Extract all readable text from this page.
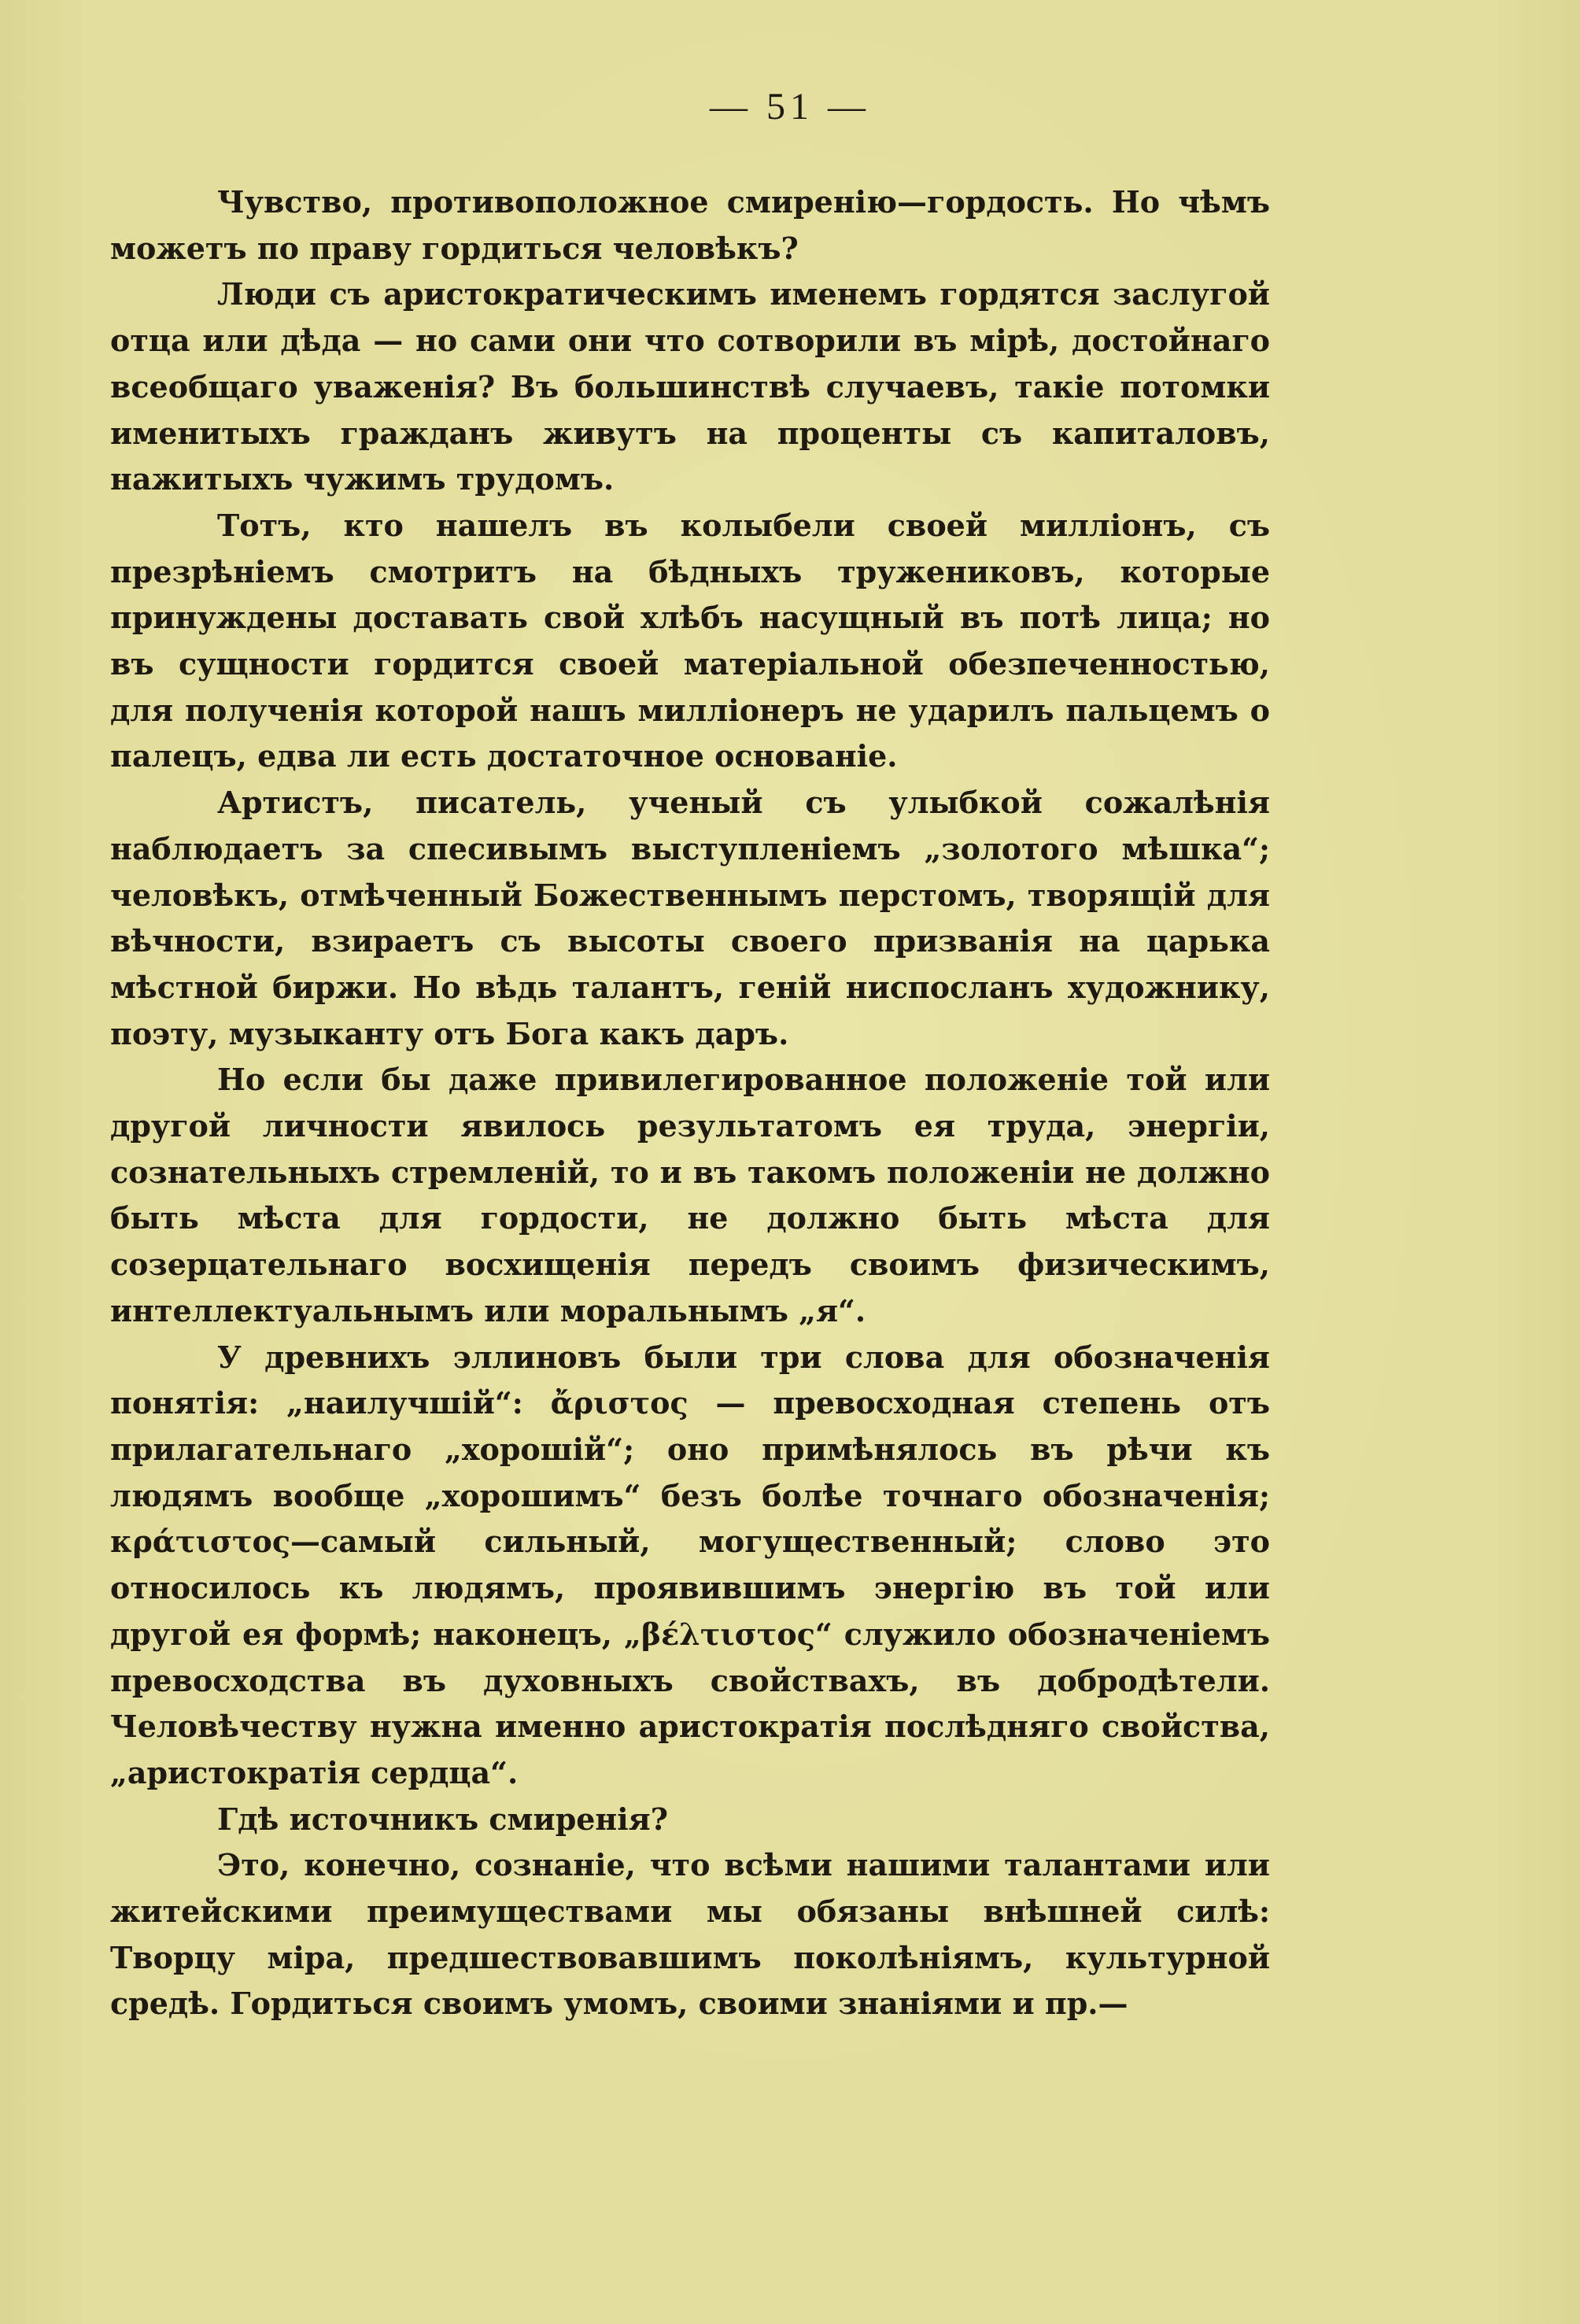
— 51 —

Чувство, противоположное смиренію—гордость. Но чѣмъ можетъ по праву гордиться человѣкъ?

Люди съ аристократическимъ именемъ гордятся заслугой отца или дѣда — но сами они что сотворили въ мірѣ, достойнаго всеобщаго уваженія? Въ большинствѣ случаевъ, такіе потомки именитыхъ гражданъ живутъ на проценты съ капиталовъ, нажитыхъ чужимъ трудомъ.

Тотъ, кто нашелъ въ колыбели своей милліонъ, съ презрѣніемъ смотритъ на бѣдныхъ тружениковъ, которые принуждены доставать свой хлѣбъ насущный въ потѣ лица; но въ сущности гордится своей матеріальной обезпеченностью, для полученія которой нашъ милліонеръ не ударилъ пальцемъ о палецъ, едва ли есть достаточное основаніе.

Артистъ, писатель, ученый съ улыбкой сожалѣнія наблюдаетъ за спесивымъ выступленіемъ „золотого мѣшка“; человѣкъ, отмѣченный Божественнымъ перстомъ, творящій для вѣчности, взираетъ съ высоты своего призванія на царька мѣстной биржи. Но вѣдь талантъ, геній ниспосланъ художнику, поэту, музыканту отъ Бога какъ даръ.

Но если бы даже привилегированное положеніе той или другой личности явилось результатомъ ея труда, энергіи, сознательныхъ стремленій, то и въ такомъ положеніи не должно быть мѣста для гордости, не должно быть мѣста для созерцательнаго восхищенія передъ своимъ физическимъ, интеллектуальнымъ или моральнымъ „я“.

У древнихъ эллиновъ были три слова для обозначенія понятія: „наилучшій“: ἄριστος — превосходная степень отъ прилагательнаго „хорошій“; оно примѣнялось въ рѣчи къ людямъ вообще „хорошимъ“ безъ болѣе точнаго обозначенія; κράτιστος—самый сильный, могущественный; слово это относилось къ людямъ, проявившимъ энергію въ той или другой ея формѣ; наконецъ, „βέλτιστος“ служило обозначеніемъ превосходства въ духовныхъ свойствахъ, въ добродѣтели. Человѣчеству нужна именно аристократія послѣдняго свойства, „аристократія сердца“.

Гдѣ источникъ смиренія?

Это, конечно, сознаніе, что всѣми нашими талантами или житейскими преимуществами мы обязаны внѣшней силѣ: Творцу міра, предшествовавшимъ поколѣніямъ, культурной средѣ. Гордиться своимъ умомъ, своими знаніями и пр.—
